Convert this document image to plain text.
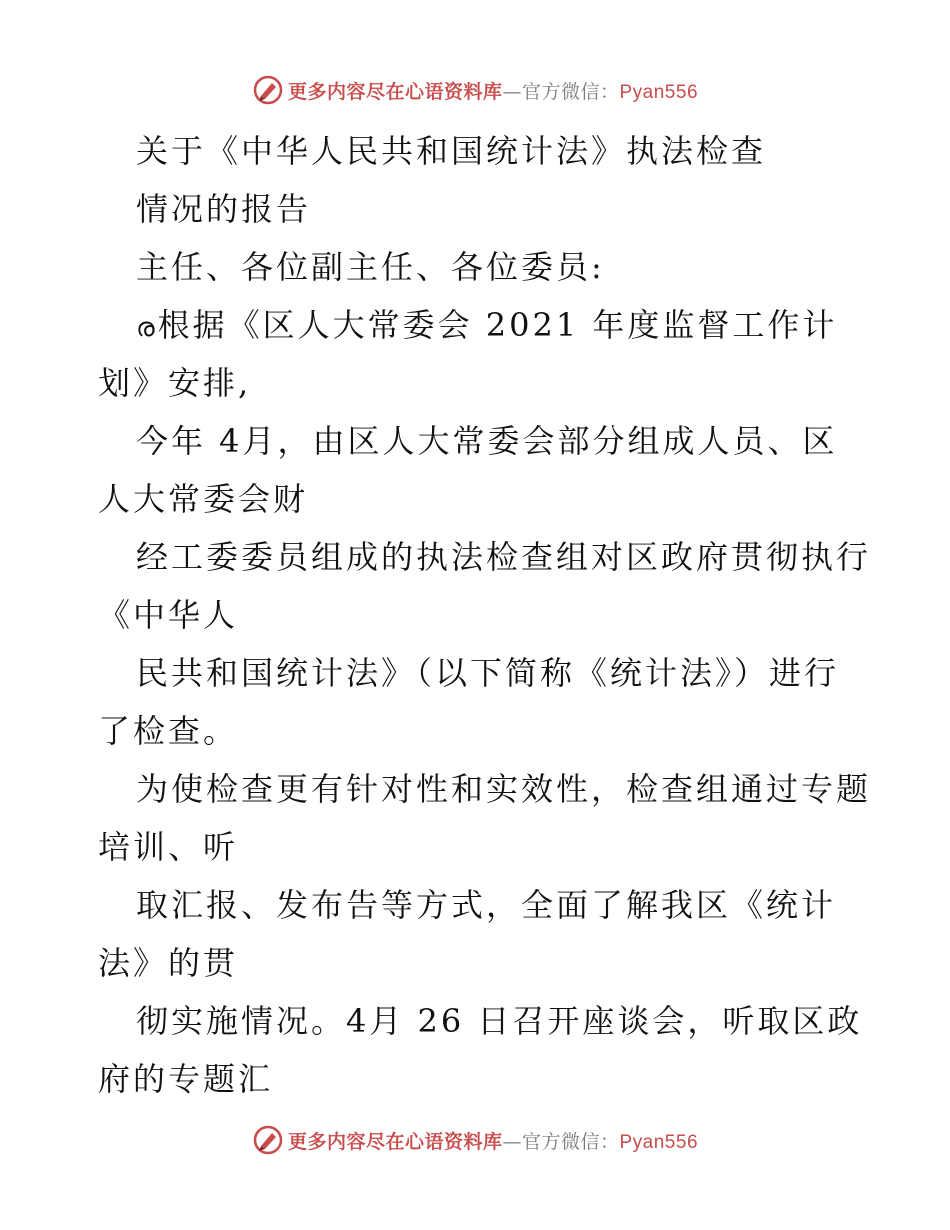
更多内容尽在心语资料库—官方微信：Pyan556
关于《中华人民共和国统计法》执法检查
情况的报告
主任、各位副主任、各位委员:
ര根据《区人大常委会 2021 年度监督工作计
划》安排,
今年 4月，由区人大常委会部分组成人员、区
人大常委会财
经工委委员组成的执法检查组对区政府贯彻执行
《中华人
民共和国统计法》（以下简称《统计法》）进行
了检查。
为使检查更有针对性和实效性，检查组通过专题
培训、听
取汇报、发布告等方式，全面了解我区《统计
法》的贯
彻实施情况。4月 26 日召开座谈会，听取区政
府的专题汇
更多内容尽在心语资料库—官方微信：Pyan556
